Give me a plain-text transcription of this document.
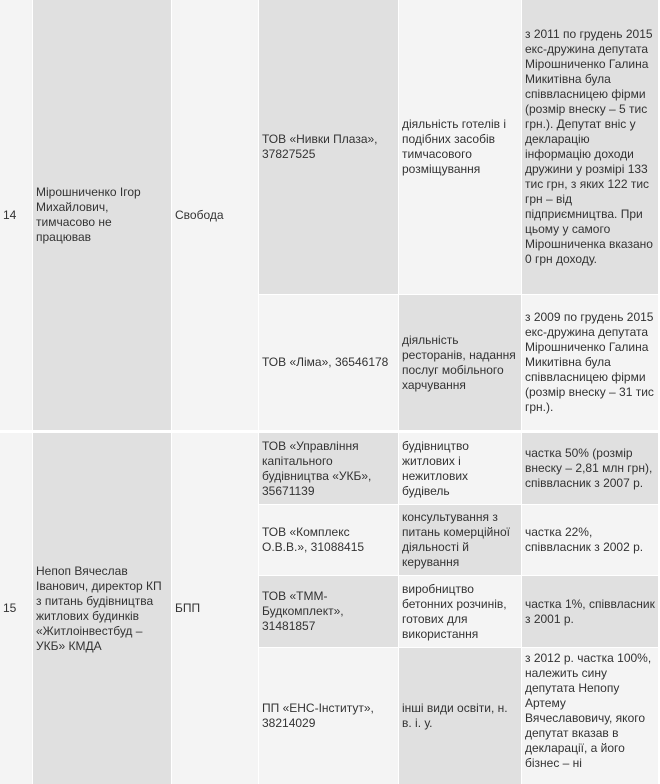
14
Мірошниченко Ігор Михайлович, тимчасово не працював
Свобода
ТОВ «Нивки Плаза», 37827525
діяльність готелів і подібних засобів тимчасового розміщування
з 2011 по грудень 2015 екс-дружина депутата Мірошниченко Галина Микитівна була співвласницею фірми (розмір внеску – 5 тис грн.). Депутат вніс у декларацію інформацію доходи дружини у розмірі 133 тис грн, з яких 122 тис грн – від підприємництва. При цьому у самого Мірошниченка вказано 0 грн доходу.
ТОВ «Ліма», 36546178
діяльність ресторанів, надання послуг мобільного харчування
з 2009 по грудень 2015 екс-дружина депутата Мірошниченко Галина Микитівна була співвласницею фірми (розмір внеску – 31 тис грн.).
15
Непоп Вячеслав Іванович, директор КП з питань будівництва житлових будинків «Житлоінвестбуд – УКБ» КМДА
БПП
ТОВ «Управління капітального будівництва «УКБ», 35671139
будівництво житлових і нежитлових будівель
частка 50% (розмір внеску – 2,81 млн грн), співвласник з 2007 р.
ТОВ «Комплекс О.В.В.», 31088415
консультування з питань комерційної діяльності й керування
частка 22%, співвласник з 2002 р.
ТОВ «ТММ-Будкомплект», 31481857
виробництво бетонних розчинів, готових для використання
частка 1%, співвласник з 2001 р.
ПП «ЕНС-Інститут», 38214029
інші види освіти, н. в. і. у.
з 2012 р. частка 100%, належить сину депутата Непопу Артему Вячеславовичу, якого депутат вказав в декларації, а його бізнес – ні
